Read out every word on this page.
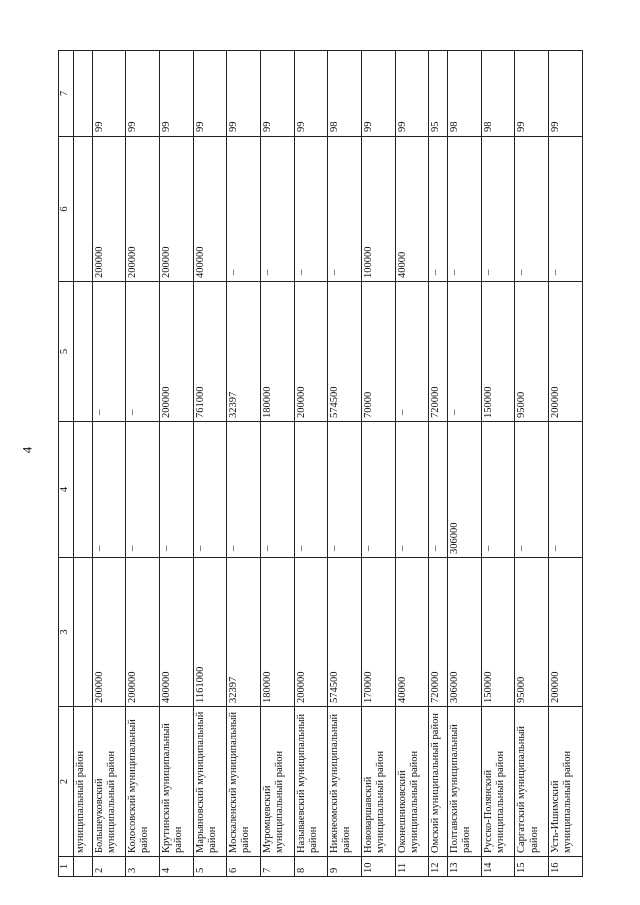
4
1	2	3	4	5	6	7
	муниципальный район					
2	Большеуковский муниципальный район	200000	–	–	200000	99
3	Колосовский муниципальный район	200000	–	–	200000	99
4	Крутинский муниципальный район	400000	–	200000	200000	99
5	Марьяновский муниципальный район	1161000	–	761000	400000	99
6	Москаленский муниципальный район	32397	–	32397	–	99
7	Муромцевский муниципальный район	180000	–	180000	–	99
8	Называевский муниципальный район	200000	–	200000	–	99
9	Нижнеомский муниципальный район	574500	–	574500	–	98
10	Нововаршавский муниципальный район	170000	–	70000	100000	99
11	Оконешниковский муниципальный район	40000	–	–	40000	99
12	Омский муниципальный район	720000	–	720000	–	95
13	Полтавский муниципальный район	306000	306000	–	–	98
14	Русско-Полянский муниципальный район	150000	–	150000	–	98
15	Саргатский муниципальный район	95000	–	95000	–	99
16	Усть-Ишимский муниципальный район	200000	–	200000	–	99
